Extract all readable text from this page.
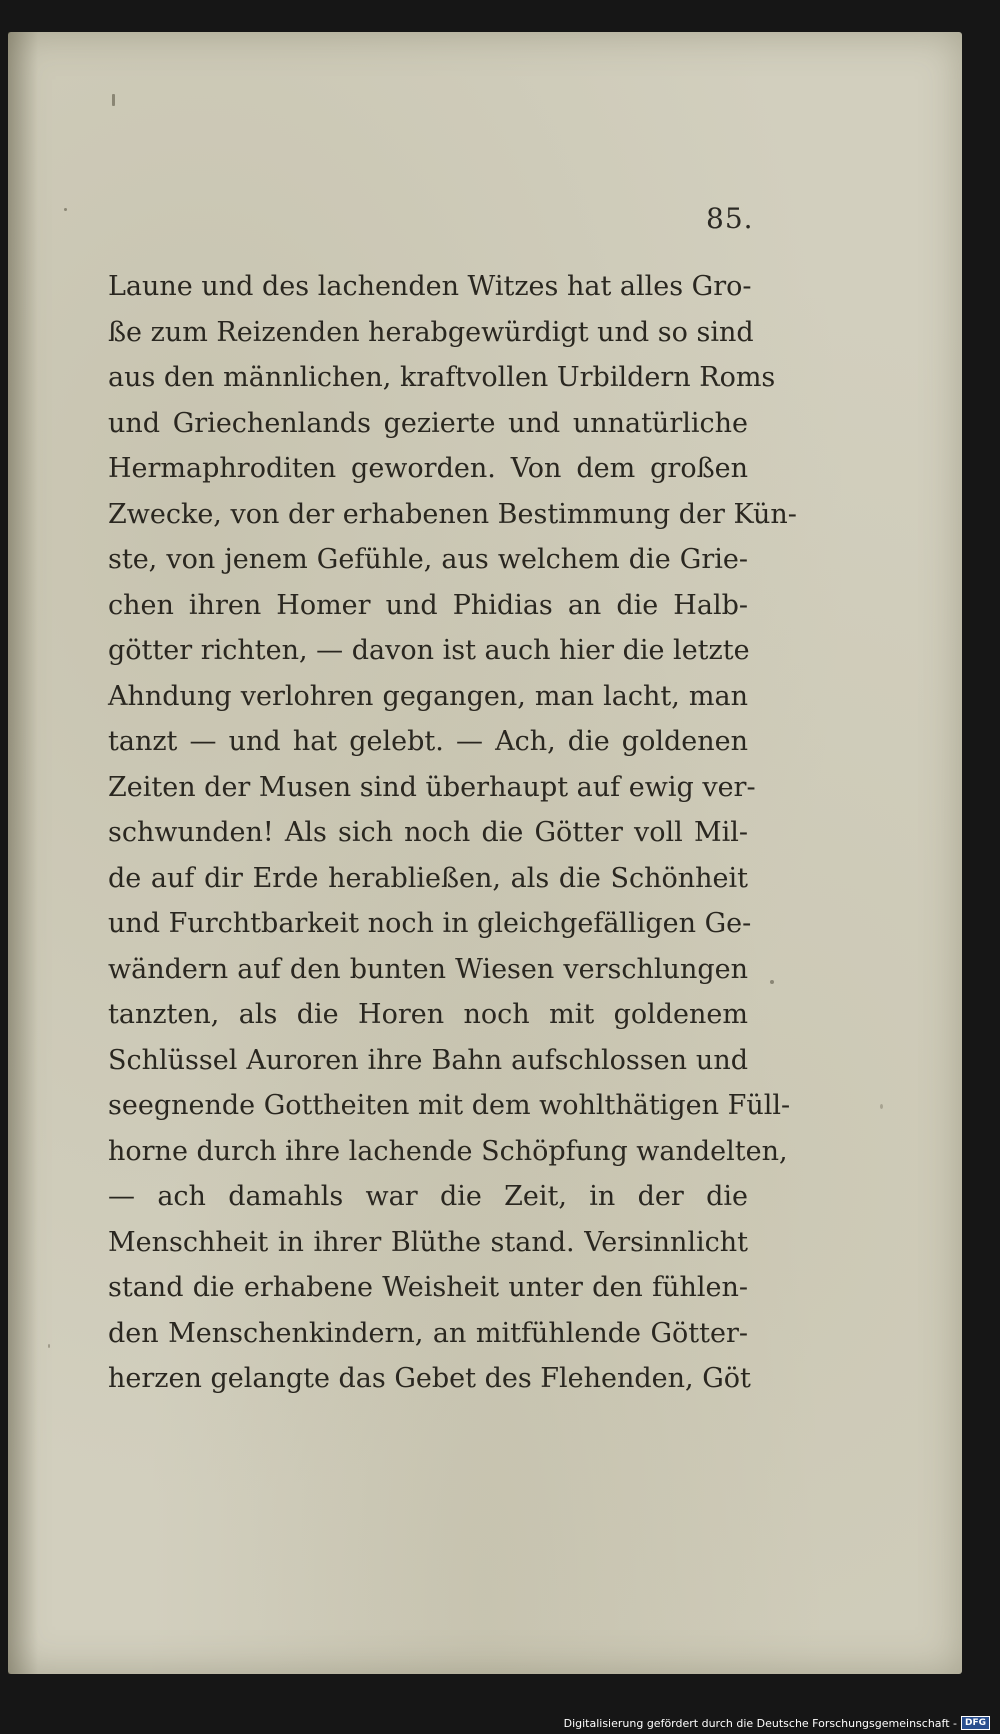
85.
Laune und des lachenden Witzes hat alles Gro-
ße zum Reizenden herabgewürdigt und so sind
aus den männlichen, kraftvollen Urbildern Roms
und Griechenlands gezierte und unnatürliche
Hermaphroditen geworden. Von dem großen
Zwecke, von der erhabenen Bestimmung der Kün-
ste, von jenem Gefühle, aus welchem die Grie-
chen ihren Homer und Phidias an die Halb-
götter richten, — davon ist auch hier die letzte
Ahndung verlohren gegangen, man lacht, man
tanzt — und hat gelebt. — Ach, die goldenen
Zeiten der Musen sind überhaupt auf ewig ver-
schwunden! Als sich noch die Götter voll Mil-
de auf dir Erde herabließen, als die Schönheit
und Furchtbarkeit noch in gleichgefälligen Ge-
wändern auf den bunten Wiesen verschlungen
tanzten, als die Horen noch mit goldenem
Schlüssel Auroren ihre Bahn aufschlossen und
seegnende Gottheiten mit dem wohlthätigen Füll-
horne durch ihre lachende Schöpfung wandelten,
— ach damahls war die Zeit, in der die
Menschheit in ihrer Blüthe stand. Versinnlicht
stand die erhabene Weisheit unter den fühlen-
den Menschenkindern, an mitfühlende Götter-
herzen gelangte das Gebet des Flehenden, Göt
Digitalisierung gefördert durch die Deutsche Forschungsgemeinschaft - DFG
